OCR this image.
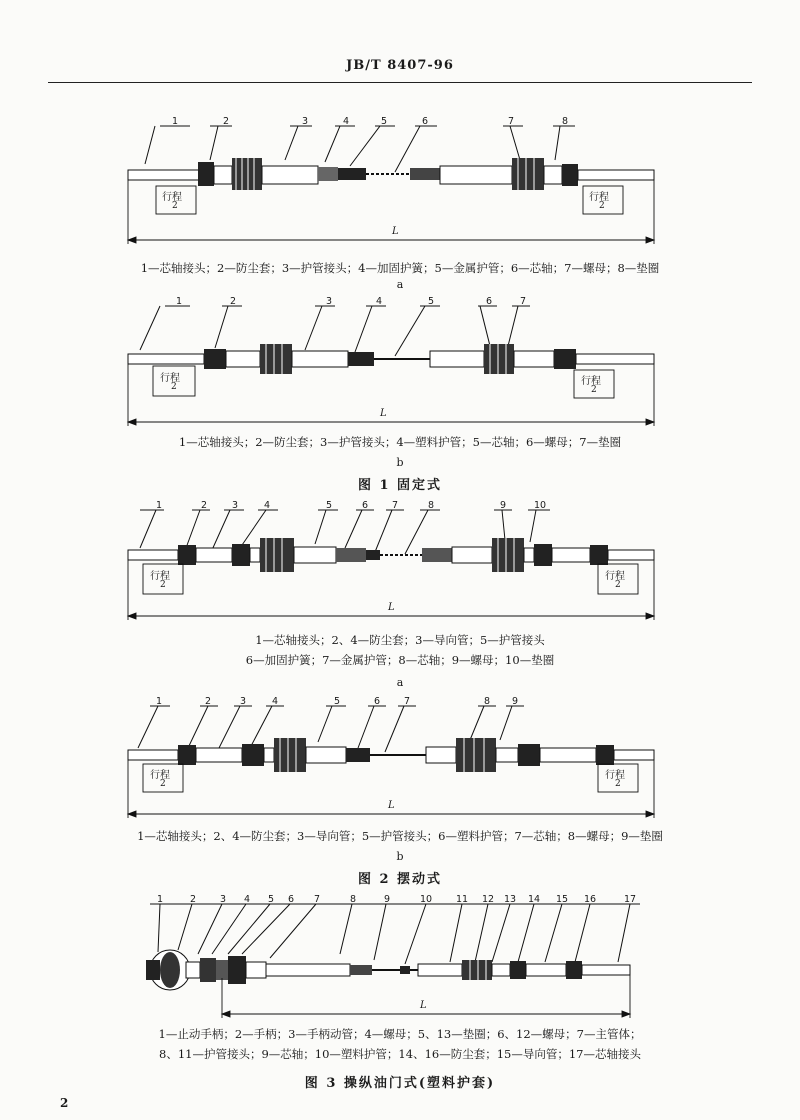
JB/T 8407-96
1	2	3	4	5	6	7	8
行程
2
行程
2
L
1—芯轴接头；2—防尘套；3—护管接头；4—加固护簧；5—金属护管；6—芯轴；7—螺母；8—垫圈
a
1	2	3	4	5	6	7
行程
2	行程
2
L
1—芯轴接头；2—防尘套；3—护管接头；4—塑料护管；5—芯轴；6—螺母；7—垫圈
b
图 1 固定式
1	2	3	4	5	6	7	8	9	10
行程
2
行程
2
L
1—芯轴接头；2、4—防尘套；3—导向管；5—护管接头
6—加固护簧；7—金属护管；8—芯轴；9—螺母；10—垫圈
a
1	2	3	4	5	6	7	8 9
行程
2
行程
2
L
1—芯轴接头；2、4—防尘套；3—导向管；5—护管接头；6—塑料护管；7—芯轴；8—螺母；9—垫圈
b
图 2 摆动式
1	2	3 4 5 6 7	8	9	10	11 12 13 14 15 16	17
L
1—止动手柄；2—手柄；3—手柄动管；4—螺母；5、13—垫圈；6、12—螺母；7—主管体；
8、11—护管接头；9—芯轴；10—塑料护管；14、16—防尘套；15—导向管；17—芯轴接头
图 3 操纵油门式(塑料护套)
2
